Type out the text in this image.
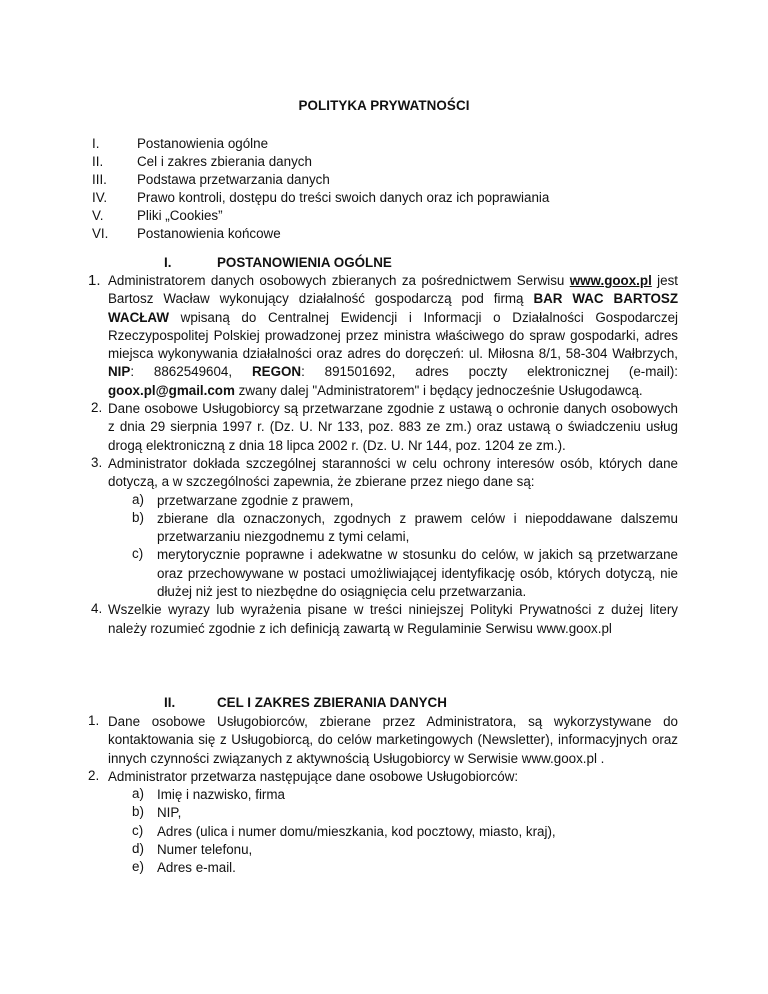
POLITYKA PRYWATNOŚCI
I.	Postanowienia ogólne
II.	Cel i zakres zbierania danych
III. Podstawa przetwarzania danych
IV. Prawo kontroli, dostępu do treści swoich danych oraz ich poprawiania
V.	Pliki „Cookies”
VI. Postanowienia końcowe
I.	POSTANOWIENIA OGÓLNE
1. Administratorem danych osobowych zbieranych za pośrednictwem Serwisu www.goox.pl jest Bartosz Wacław wykonujący działalność gospodarczą pod firmą BAR WAC BARTOSZ WACŁAW wpisaną do Centralnej Ewidencji i Informacji o Działalności Gospodarczej Rzeczypospolitej Polskiej prowadzonej przez ministra właściwego do spraw gospodarki, adres miejsca wykonywania działalności oraz adres do doręczeń: ul. Miłosna 8/1, 58-304 Wałbrzych, NIP: 8862549604, REGON: 891501692, adres poczty elektronicznej (e-mail): goox.pl@gmail.com zwany dalej "Administratorem" i będący jednocześnie Usługodawcą.
2. Dane osobowe Usługobiorcy są przetwarzane zgodnie z ustawą o ochronie danych osobowych z dnia 29 sierpnia 1997 r. (Dz. U. Nr 133, poz. 883 ze zm.) oraz ustawą o świadczeniu usług drogą elektroniczną z dnia 18 lipca 2002 r. (Dz. U. Nr 144, poz. 1204 ze zm.).
3. Administrator dokłada szczególnej staranności w celu ochrony interesów osób, których dane dotyczą, a w szczególności zapewnia, że zbierane przez niego dane są:
a) przetwarzane zgodnie z prawem,
b) zbierane dla oznaczonych, zgodnych z prawem celów i niepoddawane dalszemu przetwarzaniu niezgodnemu z tymi celami,
c) merytorycznie poprawne i adekwatne w stosunku do celów, w jakich są przetwarzane oraz przechowywane w postaci umożliwiającej identyfikację osób, których dotyczą, nie dłużej niż jest to niezbędne do osiągnięcia celu przetwarzania.
4. Wszelkie wyrazy lub wyrażenia pisane w treści niniejszej Polityki Prywatności z dużej litery należy rozumieć zgodnie z ich definicją zawartą w Regulaminie Serwisu www.goox.pl
II.	CEL I ZAKRES ZBIERANIA DANYCH
1. Dane osobowe Usługobiorców, zbierane przez Administratora, są wykorzystywane do kontaktowania się z Usługobiorcą, do celów marketingowych (Newsletter), informacyjnych oraz innych czynności związanych z aktywnością Usługobiorcy w Serwisie www.goox.pl .
2. Administrator przetwarza następujące dane osobowe Usługobiorców:
a) Imię i nazwisko, firma
b) NIP,
c) Adres (ulica i numer domu/mieszkania, kod pocztowy, miasto, kraj),
d) Numer telefonu,
e) Adres e-mail.
